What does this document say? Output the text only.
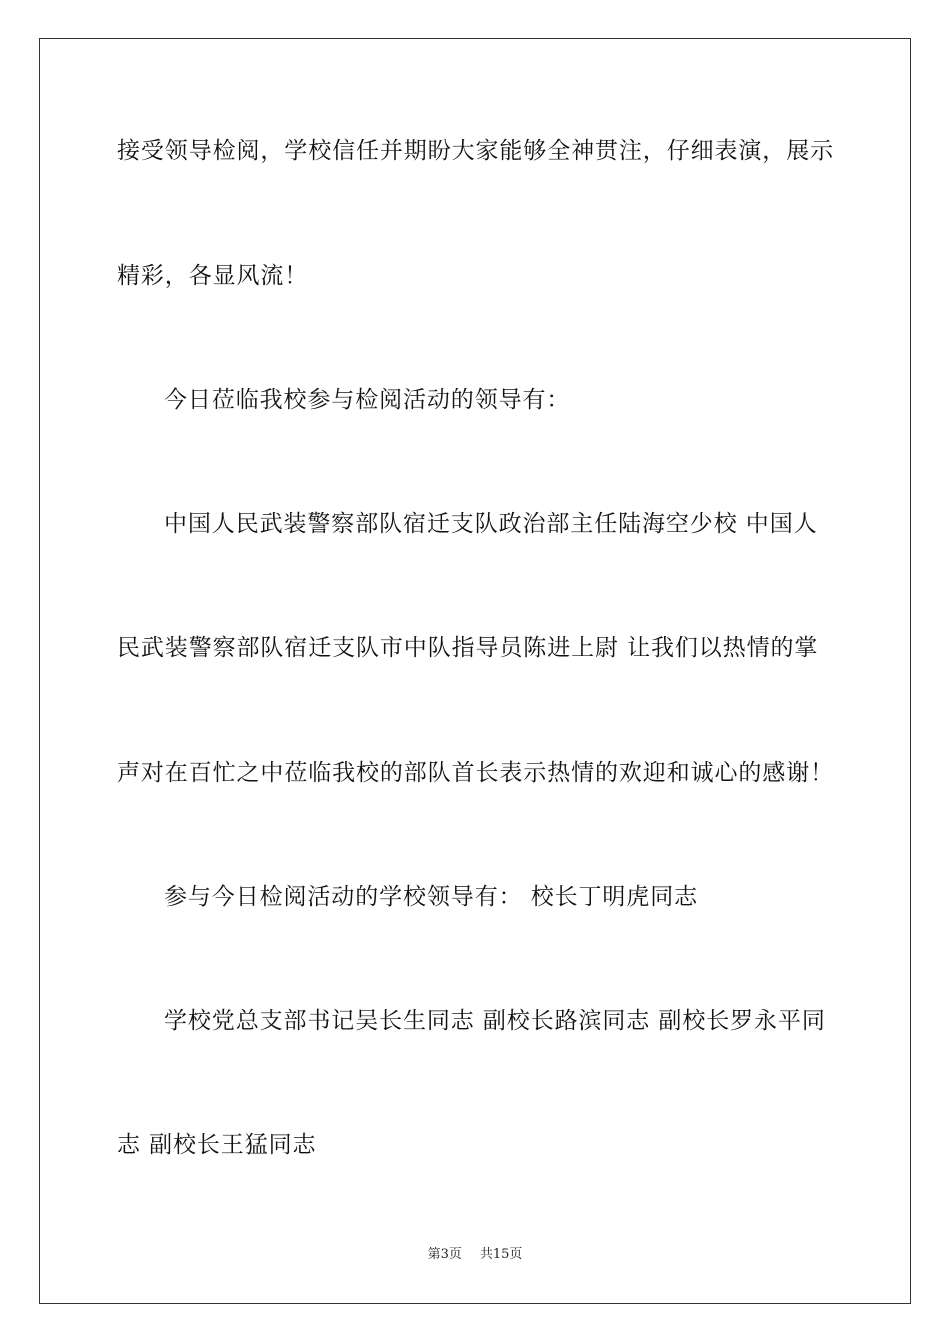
接受领导检阅，学校信任并期盼大家能够全神贯注，仔细表演，展示
精彩，各显风流！
今日莅临我校参与检阅活动的领导有：
中国人民武装警察部队宿迁支队政治部主任陆海空少校 中国人
民武装警察部队宿迁支队市中队指导员陈进上尉 让我们以热情的掌
声对在百忙之中莅临我校的部队首长表示热情的欢迎和诚心的感谢！
参与今日检阅活动的学校领导有： 校长丁明虎同志
学校党总支部书记吴长生同志 副校长路滨同志 副校长罗永平同
志 副校长王猛同志
第3页 共15页
